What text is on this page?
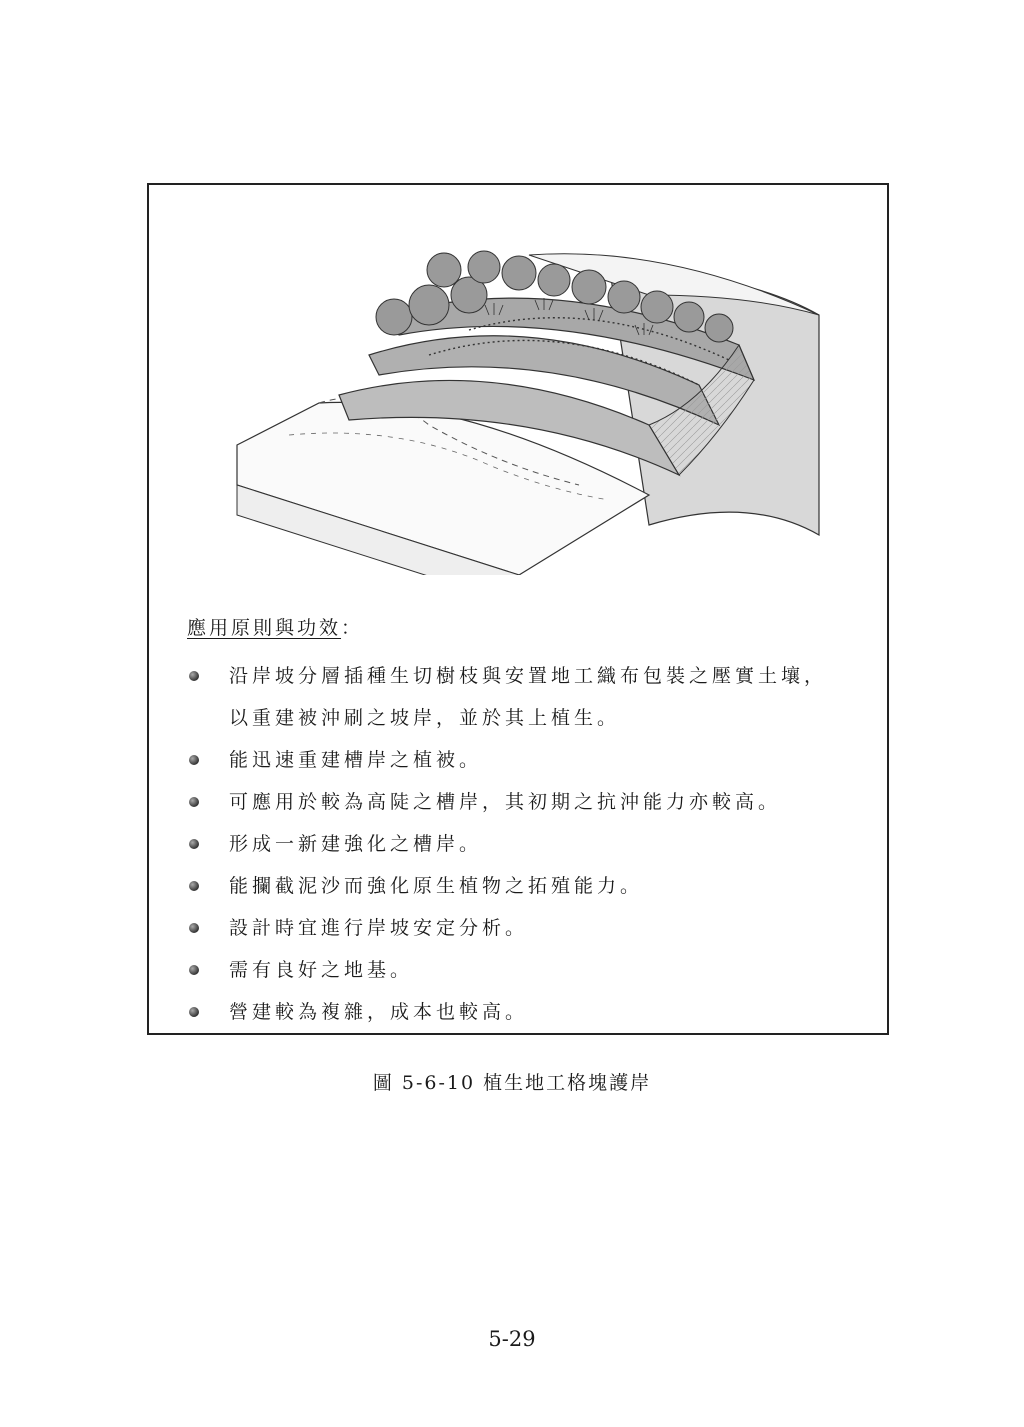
應用原則與功效：
沿岸坡分層插種生切樹枝與安置地工織布包裝之壓實土壤，
以重建被沖刷之坡岸，並於其上植生。
能迅速重建槽岸之植被。
可應用於較為高陡之槽岸，其初期之抗沖能力亦較高。
形成一新建強化之槽岸。
能攔截泥沙而強化原生植物之拓殖能力。
設計時宜進行岸坡安定分析。
需有良好之地基。
營建較為複雜，成本也較高。
圖 5-6-10 植生地工格塊護岸
5-29
